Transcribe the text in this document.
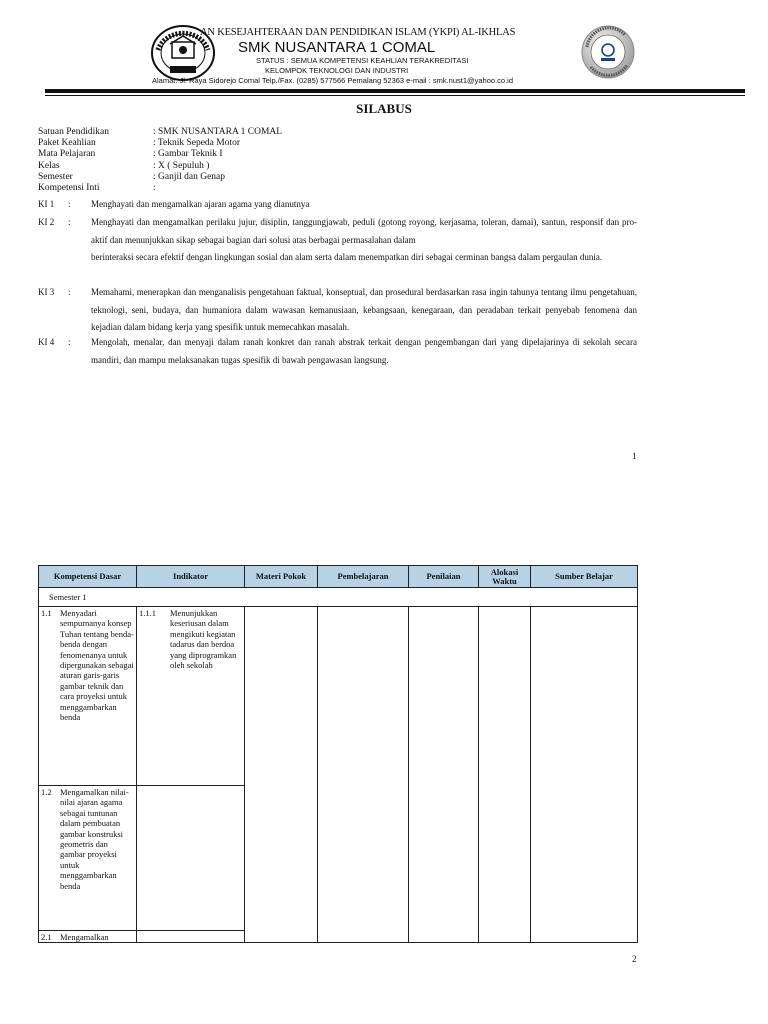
AN KESEJAHTERAAN DAN PENDIDIKAN ISLAM (YKPI) AL-IKHLAS
SMK NUSANTARA 1 COMAL
STATUS : SEMUA KOMPETENSI KEAHLIAN TERAKREDITASI
KELOMPOK TEKNOLOGI DAN INDUSTRI
Alamat: Jl. Raya Sidorejo Comal Telp./Fax. (0285) 577566 Pemalang 52363 e-mail : smk.nust1@yahoo.co.id
SILABUS
Satuan Pendidikan	: SMK NUSANTARA 1 COMAL
Paket Keahlian	: Teknik Sepeda Motor
Mata Pelajaran	: Gambar Teknik I
Kelas	: X ( Sepuluh )
Semester	: Ganjil dan Genap
Kompetensi Inti	:
KI 1	: Menghayati dan mengamalkan ajaran agama yang dianutnya
KI 2	: Menghayati dan mengamalkan perilaku jujur, disiplin, tanggungjawab, peduli (gotong royong, kerjasama, toleran, damai), santun, responsif dan pro-aktif dan menunjukkan sikap sebagai bagian dari solusi atas berbagai permasalahan dalam
berinteraksi secara efektif dengan lingkungan sosial dan alam serta dalam menempatkan diri sebagai cerminan bangsa dalam pergaulan dunia.
KI 3	: Memahami, menerapkan dan menganalisis pengetahuan faktual, konseptual, dan prosedural berdasarkan rasa ingin tahunya tentang ilmu pengetahuan, teknologi, seni, budaya, dan humaniora dalam wawasan kemanusiaan, kebangsaan, kenegaraan, dan peradaban terkait penyebab fenomena dan kejadian dalam bidang kerja yang spesifik untuk memecahkan masalah.
KI 4	: Mengolah, menalar, dan menyaji dalam ranah konkret dan ranah abstrak terkait dengan pengembangan dari yang dipelajarinya di sekolah secara mandiri, dan mampu melaksanakan tugas spesifik di bawah pengawasan langsung.
1
Kompetensi Dasar	Indikator	Materi Pokok	Pembelajaran	Penilaian	Alokasi Waktu	Sumber Belajar
Semester 1						

1.1 Menyadari sempurnanya konsep Tuhan tentang benda-benda dengan fenomenanya untuk dipergunakan sebagai aturan garis-garis gambar teknik dan cara proyeksi untuk menggambarkan benda	1.1.1 Menunjukkan keseriusan dalam mengikuti kegiatan tadarus dan berdoa yang diprogramkan oleh sekolah					

1.2 Mengamalkan nilai-nilai ajaran agama sebagai tuntunan dalam pembuatan gambar konstruksi geometris dan gambar proyeksi untuk menggambarkan benda						

2.1 Mengamalkan						

2
